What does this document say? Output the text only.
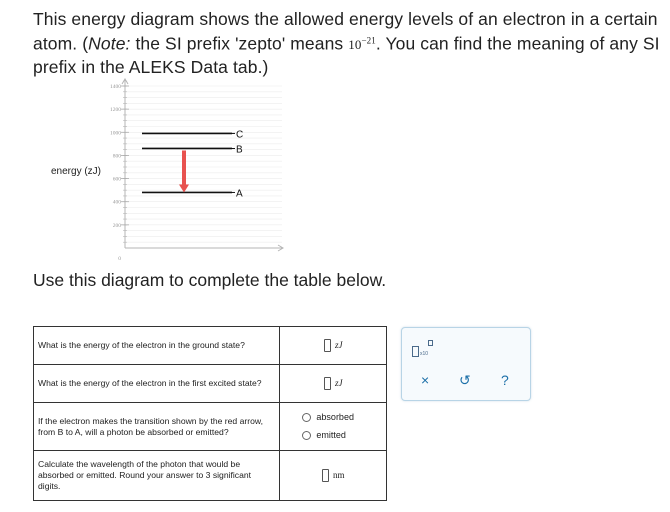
This energy diagram shows the allowed energy levels of an electron in a certain atom. (Note: the SI prefix 'zepto' means $10^{-21}$. You can find the meaning of any SI prefix in the ALEKS Data tab.)
0
200
400
600
800
1000
1200
1400
energy (zJ)
A
B
C
Use this diagram to complete the table below.
What is the energy of the electron in the ground state?	zJ

What is the energy of the electron in the first excited state?	zJ

If the electron makes the transition shown by the red arrow, from B to A, will a photon be absorbed or emitted?	absorbed
emitted

Calculate the wavelength of the photon that would be absorbed or emitted. Round your answer to 3 significant digits.	nm
x10
× ↺ ?
